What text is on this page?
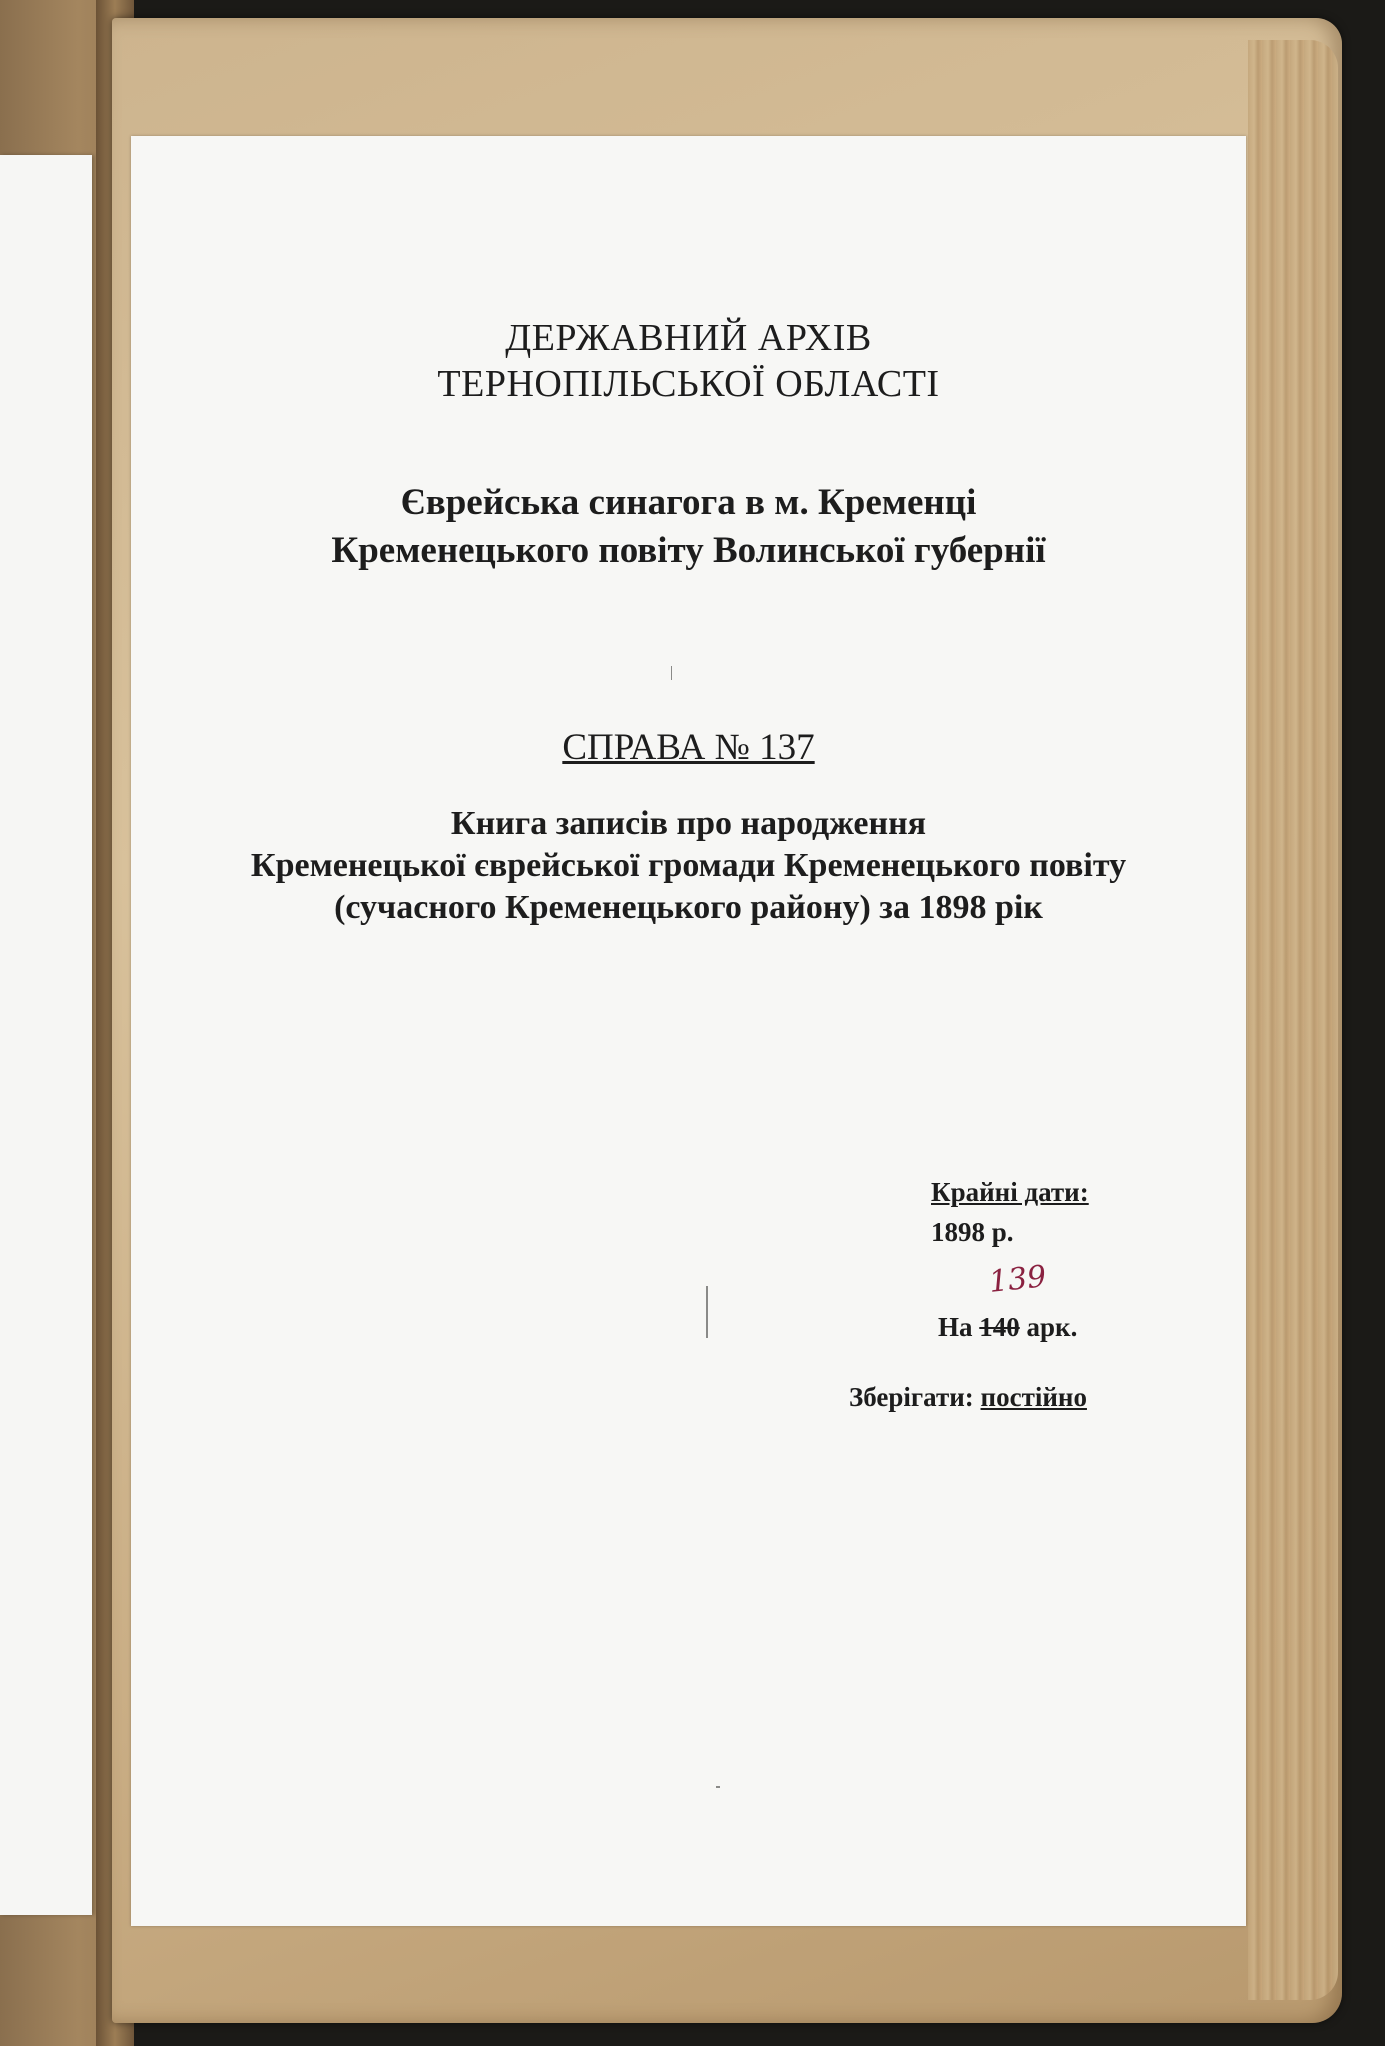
ДЕРЖАВНИЙ АРХІВ
ТЕРНОПІЛЬСЬКОЇ ОБЛАСТІ
Єврейська синагога в м. Кременці
Кременецького повіту Волинської губернії
СПРАВА № 137
Книга записів про народження
Кременецької єврейської громади Кременецького повіту
(сучасного Кременецького району) за 1898 рік
Крайні дати:
1898 р.
139
На 140 арк.
Зберігати: постійно
